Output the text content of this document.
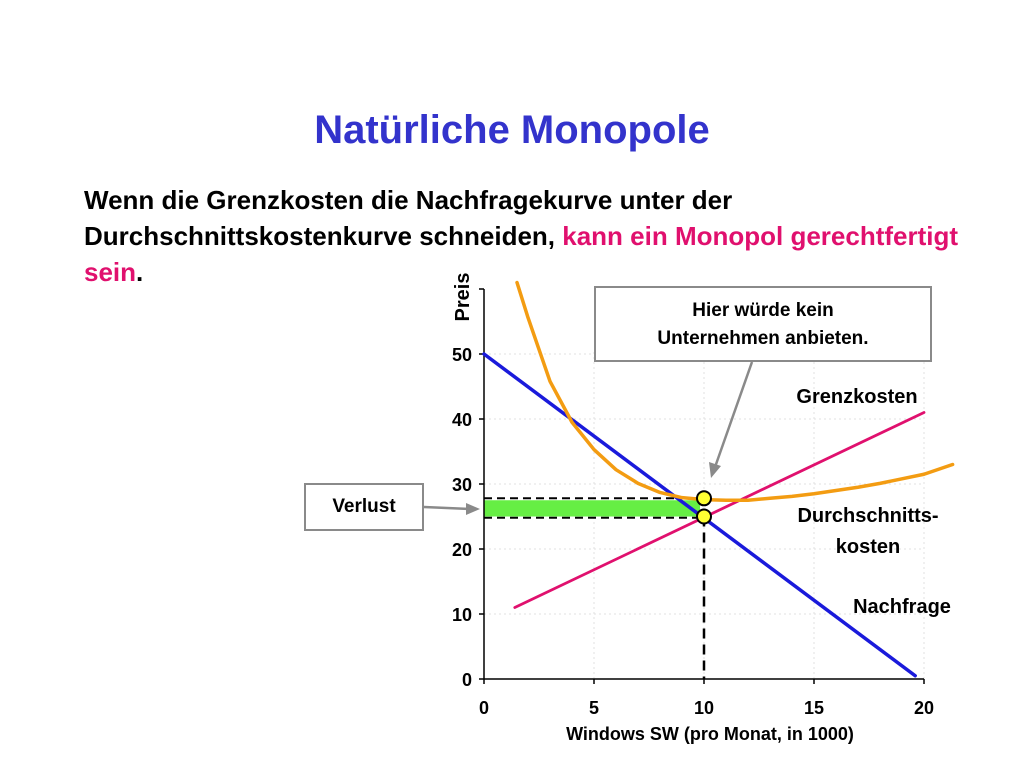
Natürliche Monopole
Wenn die Grenzkosten die Nachfragekurve unter der Durchschnittskostenkurve schneiden, kann ein Monopol gerechtfertigt sein.
0
10
20
30
40
50
0	5	10	15	20
Preis
Windows SW (pro Monat, in 1000)
Grenzkosten
Durchschnitts-
kosten
Nachfrage
Hier würde kein
Unternehmen anbieten.
Verlust
